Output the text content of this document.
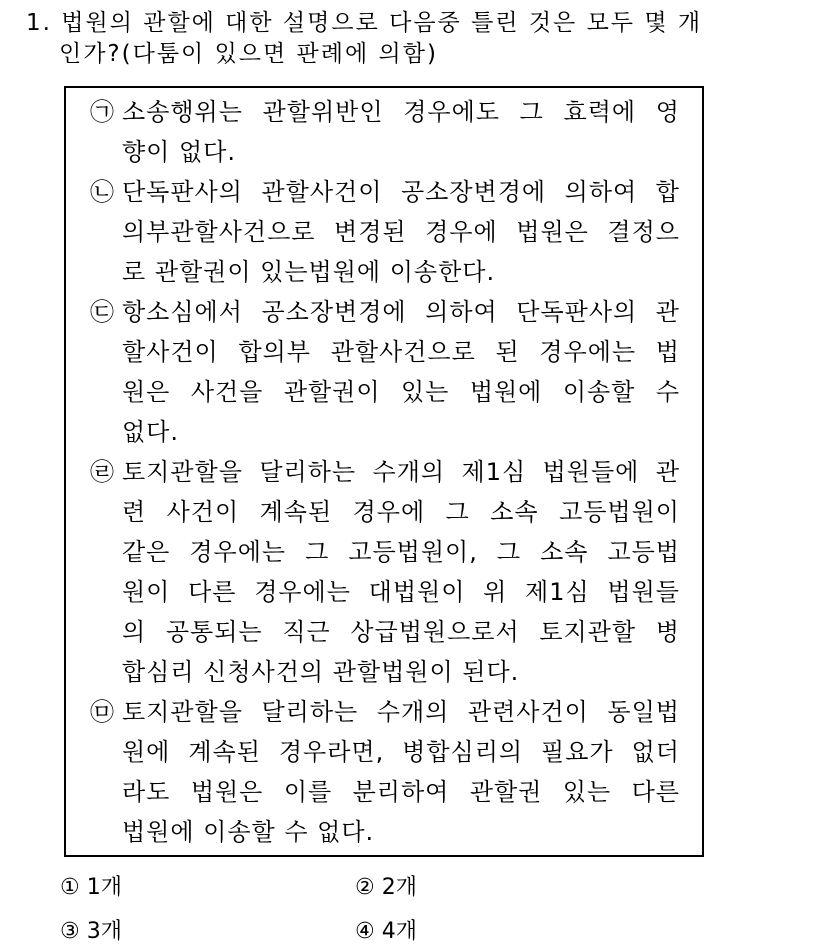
1. 법원의 관할에 대한 설명으로 다음중 틀린 것은 모두 몇 개
인가?(다툼이 있으면 판례에 의함)
㉠ 소송행위는 관할위반인 경우에도 그 효력에 영
향이 없다.
㉡ 단독판사의 관할사건이 공소장변경에 의하여 합
의부관할사건으로 변경된 경우에 법원은 결정으
로 관할권이 있는법원에 이송한다.
㉢ 항소심에서 공소장변경에 의하여 단독판사의 관
할사건이 합의부 관할사건으로 된 경우에는 법
원은 사건을 관할권이 있는 법원에 이송할 수
없다.
㉣ 토지관할을 달리하는 수개의 제1심 법원들에 관
련 사건이 계속된 경우에 그 소속 고등법원이
같은 경우에는 그 고등법원이, 그 소속 고등법
원이 다른 경우에는 대법원이 위 제1심 법원들
의 공통되는 직근 상급법원으로서 토지관할 병
합심리 신청사건의 관할법원이 된다.
㉤ 토지관할을 달리하는 수개의 관련사건이 동일법
원에 계속된 경우라면, 병합심리의 필요가 없더
라도 법원은 이를 분리하여 관할권 있는 다른
법원에 이송할 수 없다.
① 1개	② 2개
③ 3개	④ 4개
